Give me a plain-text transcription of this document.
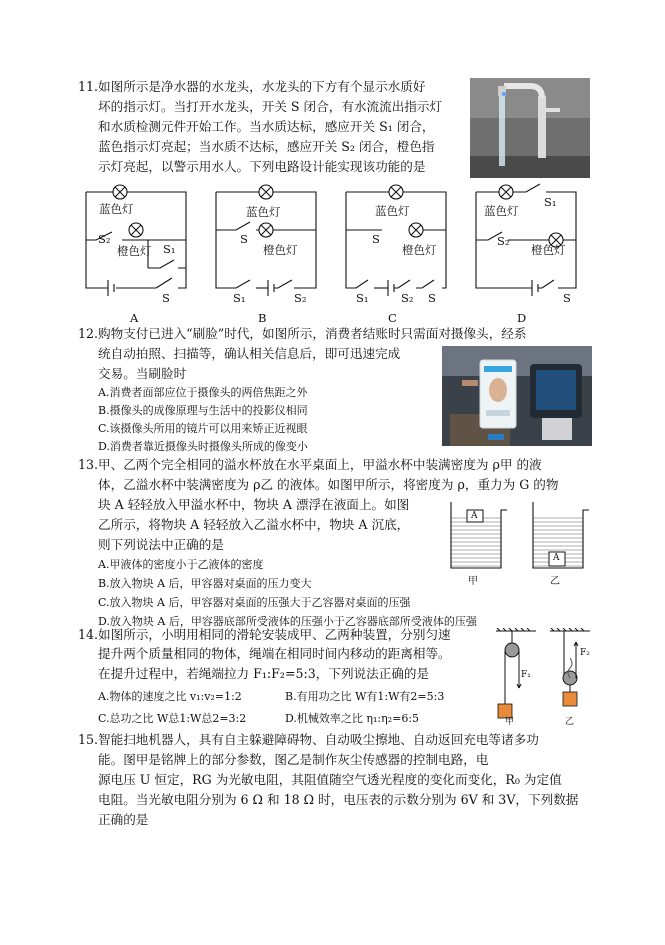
11.如图所示是净水器的水龙头，水龙头的下方有个显示水质好
坏的指示灯。当打开水龙头，开关 S 闭合，有水流流出指示灯
和水质检测元件开始工作。当水质达标，感应开关 S₁ 闭合，
蓝色指示灯亮起；当水质不达标，感应开关 S₂ 闭合，橙色指
示灯亮起，以警示用水人。下列电路设计能实现该功能的是
蓝色灯
橙色灯
S₂
S₁
S
A
蓝色灯
S
橙色灯
S₁	S₂
B
蓝色灯
S
橙色灯
S₁	S₂ S
C
蓝色灯
S₁
S₂
橙色灯
S
D
12.购物支付已进入“刷脸”时代，如图所示，消费者结账时只需面对摄像头，经系
统自动拍照、扫描等，确认相关信息后，即可迅速完成
交易。当刷脸时
A.消费者面部应位于摄像头的两倍焦距之外
B.摄像头的成像原理与生活中的投影仪相同
C.该摄像头所用的镜片可以用来矫正近视眼
D.消费者靠近摄像头时摄像头所成的像变小
13.甲、乙两个完全相同的溢水杯放在水平桌面上，甲溢水杯中装满密度为 ρ甲 的液
体，乙溢水杯中装满密度为 ρ乙 的液体。如图甲所示，将密度为 ρ，重力为 G 的物
块 A 轻轻放入甲溢水杯中，物块 A 漂浮在液面上。如图
乙所示，将物块 A 轻轻放入乙溢水杯中，物块 A 沉底，
则下列说法中正确的是
A.甲液体的密度小于乙液体的密度
B.放入物块 A 后，甲容器对桌面的压力变大
C.放入物块 A 后，甲容器对桌面的压强大于乙容器对桌面的压强
D.放入物块 A 后，甲容器底部所受液体的压强小于乙容器底部所受液体的压强
A
A
甲	乙
14.如图所示，小明用相同的滑轮安装成甲、乙两种装置，分别匀速
提升两个质量相同的物体，绳端在相同时间内移动的距离相等。
在提升过程中，若绳端拉力 F₁:F₂=5:3，下列说法正确的是
A.物体的速度之比 v₁:v₂=1:2	B.有用功之比 W有1:W有2=5:3
C.总功之比 W总1:W总2=3:2	D.机械效率之比 η₁:η₂=6:5
F₁
F₂
甲	乙
15.智能扫地机器人，具有自主躲避障碍物、自动吸尘擦地、自动返回充电等诸多功
能。图甲是铭牌上的部分参数，图乙是制作灰尘传感器的控制电路，电
源电压 U 恒定，RG 为光敏电阻，其阻值随空气透光程度的变化而变化，R₀ 为定值
电阻。当光敏电阻分别为 6 Ω 和 18 Ω 时，电压表的示数分别为 6V 和 3V，下列数据
正确的是
